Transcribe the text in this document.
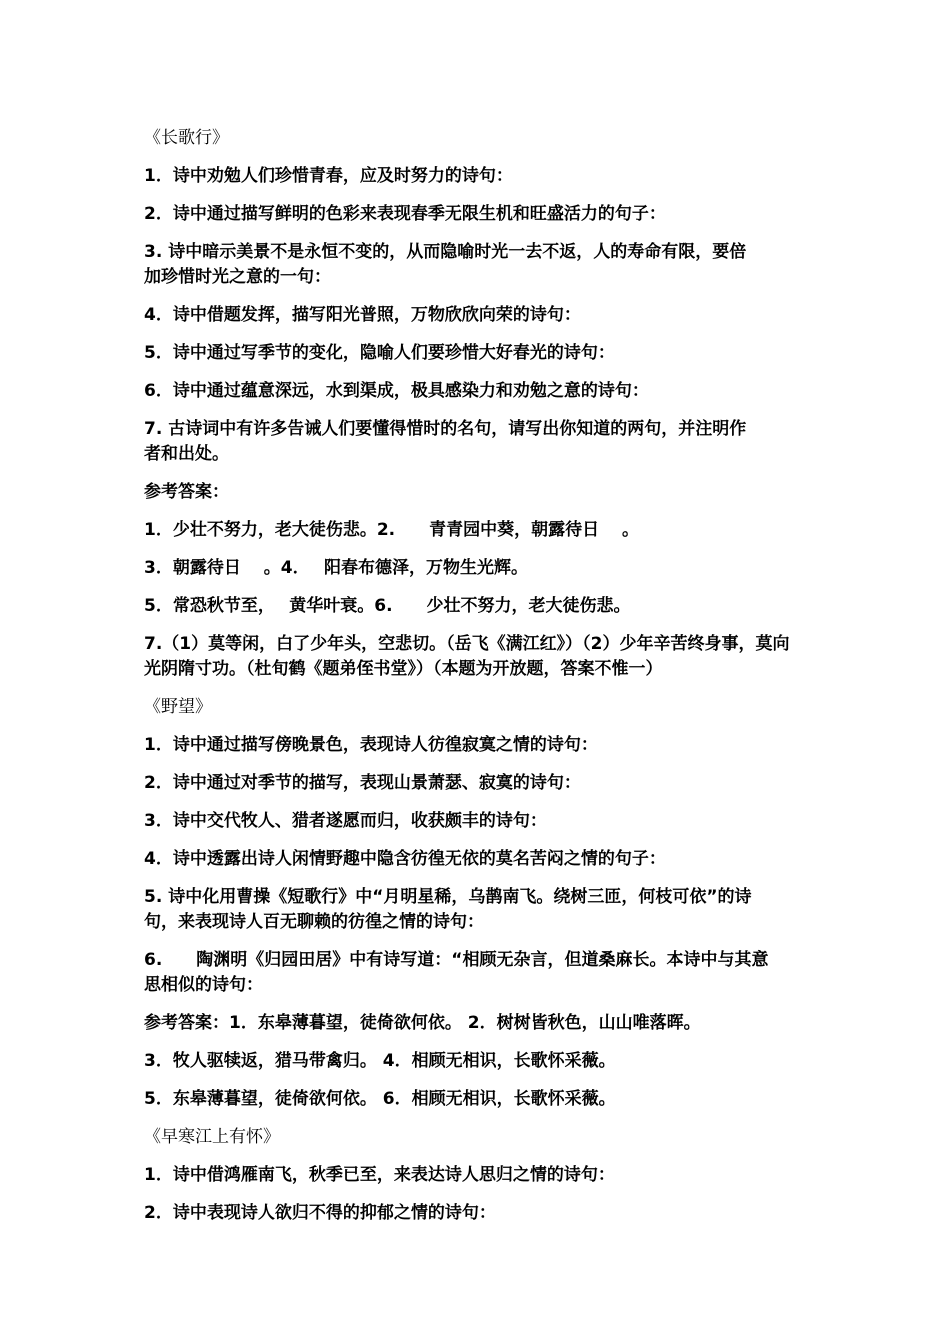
《长歌行》

1．诗中劝勉人们珍惜青春，应及时努力的诗句：

2．诗中通过描写鲜明的色彩来表现春季无限生机和旺盛活力的句子：

3. 诗中暗示美景不是永恒不变的，从而隐喻时光一去不返，人的寿命有限，要倍

加珍惜时光之意的一句：

4．诗中借题发挥，描写阳光普照，万物欣欣向荣的诗句：

5．诗中通过写季节的变化，隐喻人们要珍惜大好春光的诗句：

6．诗中通过蕴意深远，水到渠成，极具感染力和劝勉之意的诗句：

7. 古诗词中有许多告诫人们要懂得惜时的名句，请写出你知道的两句，并注明作

者和出处。

参考答案：

1．少壮不努力，老大徒伤悲。2.　　青青园中葵，朝露待日　 。

3．朝露待日　 。4．　 阳春布德泽，万物生光辉。

5．常恐秋节至，　 黄华叶衰。6.　　少壮不努力，老大徒伤悲。

7.（1）莫等闲，白了少年头，空悲切。（岳飞《满江红》）（2）少年辛苦终身事，莫向

光阴隋寸功。（杜旬鹤《题弟侄书堂》）（本题为开放题，答案不惟一）

《野望》

1．诗中通过描写傍晚景色，表现诗人彷徨寂寞之情的诗句：

2．诗中通过对季节的描写，表现山景萧瑟、寂寞的诗句：

3．诗中交代牧人、猎者遂愿而归，收获颇丰的诗句：

4．诗中透露出诗人闲情野趣中隐含彷徨无依的莫名苦闷之情的句子：

5. 诗中化用曹操《短歌行》中“月明星稀，乌鹊南飞。绕树三匝，何枝可依”的诗

句，来表现诗人百无聊赖的彷徨之情的诗句：

6.　　陶渊明《归园田居》中有诗写道：“相顾无杂言，但道桑麻长。本诗中与其意

思相似的诗句：

参考答案：1．东皋薄暮望，徒倚欲何依。 2．树树皆秋色，山山唯落晖。

3．牧人驱犊返，猎马带禽归。 4．相顾无相识，长歌怀采薇。

5．东皋薄暮望，徒倚欲何依。 6．相顾无相识，长歌怀采薇。

《早寒江上有怀》

1．诗中借鸿雁南飞，秋季已至，来表达诗人思归之情的诗句：

2．诗中表现诗人欲归不得的抑郁之情的诗句：
